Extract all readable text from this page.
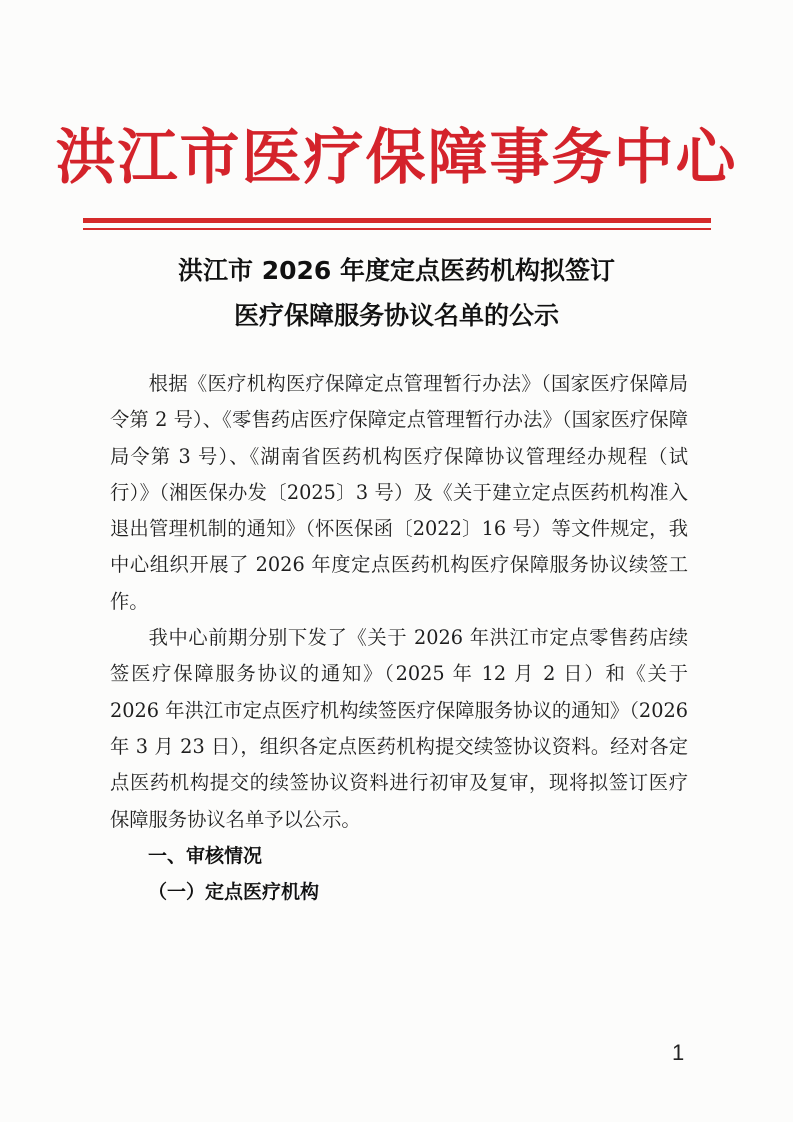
洪江市医疗保障事务中心
洪江市 2026 年度定点医药机构拟签订
医疗保障服务协议名单的公示

根据《医疗机构医疗保障定点管理暂行办法》（国家医疗保障局令第 2 号）、《零售药店医疗保障定点管理暂行办法》（国家医疗保障局令第 3 号）、《湖南省医药机构医疗保障协议管理经办规程（试行）》（湘医保办发〔2025〕3 号）及《关于建立定点医药机构准入退出管理机制的通知》（怀医保函〔2022〕16 号）等文件规定，我中心组织开展了 2026 年度定点医药机构医疗保障服务协议续签工作。

我中心前期分别下发了《关于 2026 年洪江市定点零售药店续签医疗保障服务协议的通知》（2025 年 12 月 2 日）和《关于 2026 年洪江市定点医疗机构续签医疗保障服务协议的通知》（2026 年 3 月 23 日），组织各定点医药机构提交续签协议资料。经对各定点医药机构提交的续签协议资料进行初审及复审，现将拟签订医疗保障服务协议名单予以公示。

一、审核情况

（一）定点医疗机构

1
